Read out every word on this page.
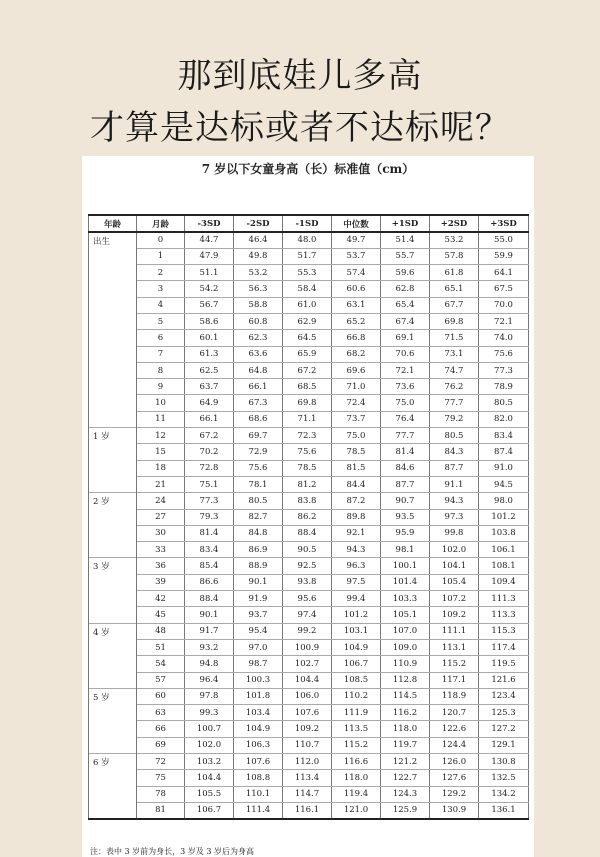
那到底娃儿多高
才算是达标或者不达标呢？
7 岁以下女童身高（长）标准值（cm）
年龄	月龄	-3SD	-2SD	-1SD	中位数	+1SD	+2SD	+3SD
出生	0	44.7	46.4	48.0	49.7	51.4	53.2	55.0
	1	47.9	49.8	51.7	53.7	55.7	57.8	59.9
	2	51.1	53.2	55.3	57.4	59.6	61.8	64.1
	3	54.2	56.3	58.4	60.6	62.8	65.1	67.5
	4	56.7	58.8	61.0	63.1	65.4	67.7	70.0
	5	58.6	60.8	62.9	65.2	67.4	69.8	72.1
	6	60.1	62.3	64.5	66.8	69.1	71.5	74.0
	7	61.3	63.6	65.9	68.2	70.6	73.1	75.6
	8	62.5	64.8	67.2	69.6	72.1	74.7	77.3
	9	63.7	66.1	68.5	71.0	73.6	76.2	78.9
	10	64.9	67.3	69.8	72.4	75.0	77.7	80.5
	11	66.1	68.6	71.1	73.7	76.4	79.2	82.0
1 岁	12	67.2	69.7	72.3	75.0	77.7	80.5	83.4
	15	70.2	72.9	75.6	78.5	81.4	84.3	87.4
	18	72.8	75.6	78.5	81.5	84.6	87.7	91.0
	21	75.1	78.1	81.2	84.4	87.7	91.1	94.5
2 岁	24	77.3	80.5	83.8	87.2	90.7	94.3	98.0
	27	79.3	82.7	86.2	89.8	93.5	97.3	101.2
	30	81.4	84.8	88.4	92.1	95.9	99.8	103.8
	33	83.4	86.9	90.5	94.3	98.1	102.0	106.1
3 岁	36	85.4	88.9	92.5	96.3	100.1	104.1	108.1
	39	86.6	90.1	93.8	97.5	101.4	105.4	109.4
	42	88.4	91.9	95.6	99.4	103.3	107.2	111.3
	45	90.1	93.7	97.4	101.2	105.1	109.2	113.3
4 岁	48	91.7	95.4	99.2	103.1	107.0	111.1	115.3
	51	93.2	97.0	100.9	104.9	109.0	113.1	117.4
	54	94.8	98.7	102.7	106.7	110.9	115.2	119.5
	57	96.4	100.3	104.4	108.5	112.8	117.1	121.6
5 岁	60	97.8	101.8	106.0	110.2	114.5	118.9	123.4
	63	99.3	103.4	107.6	111.9	116.2	120.7	125.3
	66	100.7	104.9	109.2	113.5	118.0	122.6	127.2
	69	102.0	106.3	110.7	115.2	119.7	124.4	129.1
6 岁	72	103.2	107.6	112.0	116.6	121.2	126.0	130.8
	75	104.4	108.8	113.4	118.0	122.7	127.6	132.5
	78	105.5	110.1	114.7	119.4	124.3	129.2	134.2
	81	106.7	111.4	116.1	121.0	125.9	130.9	136.1
注：表中 3 岁前为身长，3 岁及 3 岁后为身高
